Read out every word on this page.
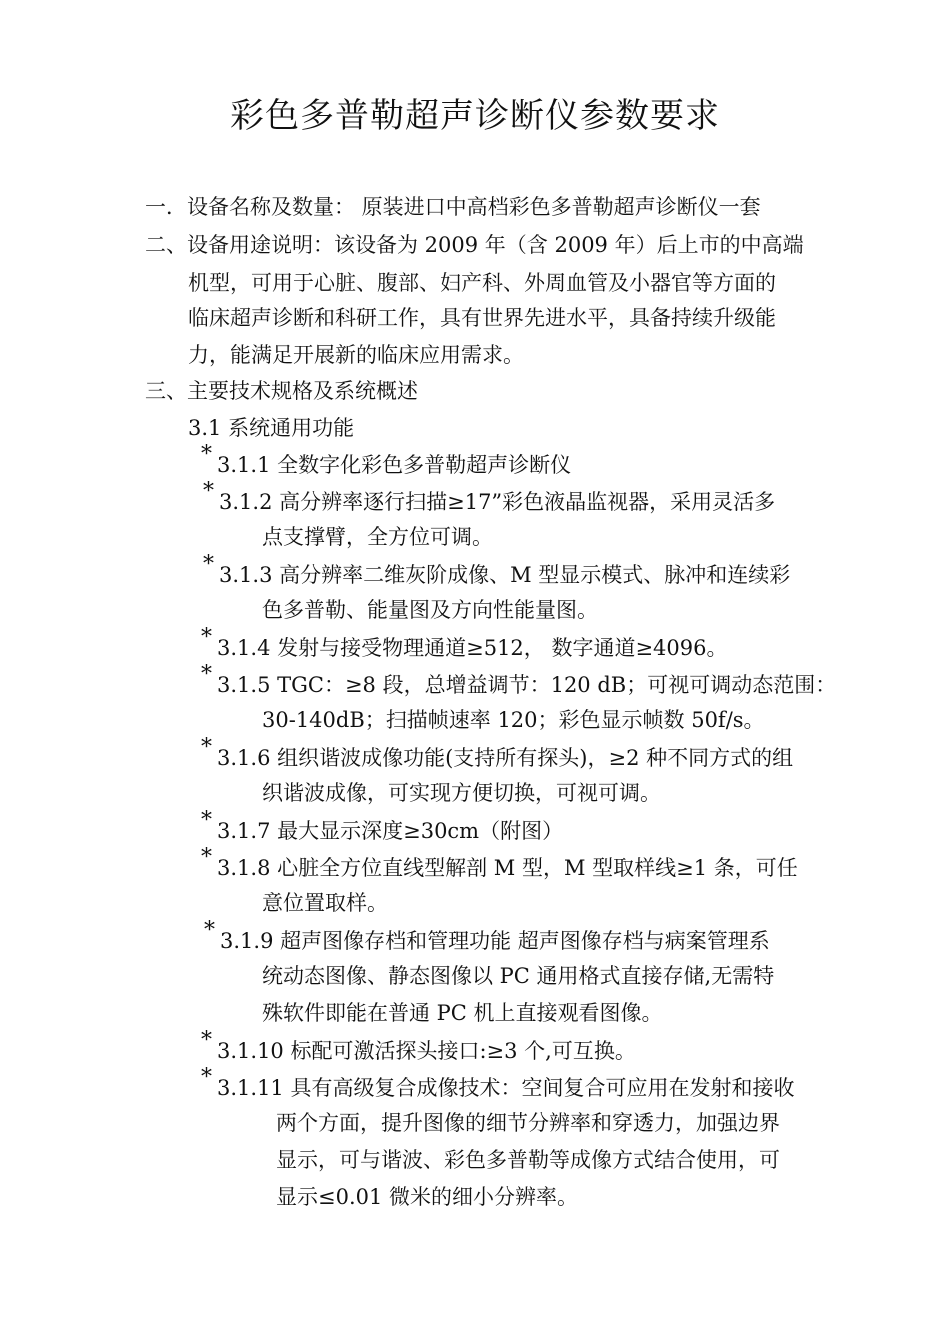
彩色多普勒超声诊断仪参数要求
一．设备名称及数量： 原装进口中高档彩色多普勒超声诊断仪一套
二、设备用途说明：该设备为 2009 年（含 2009 年）后上市的中高端
机型，可用于心脏、腹部、妇产科、外周血管及小器官等方面的
临床超声诊断和科研工作，具有世界先进水平，具备持续升级能
力，能满足开展新的临床应用需求。
三、主要技术规格及系统概述
3.1 系统通用功能
* 3.1.1 全数字化彩色多普勒超声诊断仪
* 3.1.2 高分辨率逐行扫描≥17”彩色液晶监视器，采用灵活多
点支撑臂，全方位可调。
* 3.1.3 高分辨率二维灰阶成像、M 型显示模式、脉冲和连续彩
色多普勒、能量图及方向性能量图。
* 3.1.4 发射与接受物理通道≥512， 数字通道≥4096。
* 3.1.5 TGC：≥8 段，总增益调节：120 dB；可视可调动态范围：
30-140dB；扫描帧速率 120；彩色显示帧数 50f/s。
* 3.1.6 组织谐波成像功能(支持所有探头)，≥2 种不同方式的组
织谐波成像，可实现方便切换，可视可调。
* 3.1.7 最大显示深度≥30cm（附图）
* 3.1.8 心脏全方位直线型解剖 M 型，M 型取样线≥1 条，可任
意位置取样。
* 3.1.9 超声图像存档和管理功能 超声图像存档与病案管理系
统动态图像、静态图像以 PC 通用格式直接存储,无需特
殊软件即能在普通 PC 机上直接观看图像。
* 3.1.10 标配可激活探头接口:≥3 个,可互换。
* 3.1.11 具有高级复合成像技术：空间复合可应用在发射和接收
两个方面，提升图像的细节分辨率和穿透力，加强边界
显示，可与谐波、彩色多普勒等成像方式结合使用，可
显示≤0.01 微米的细小分辨率。
